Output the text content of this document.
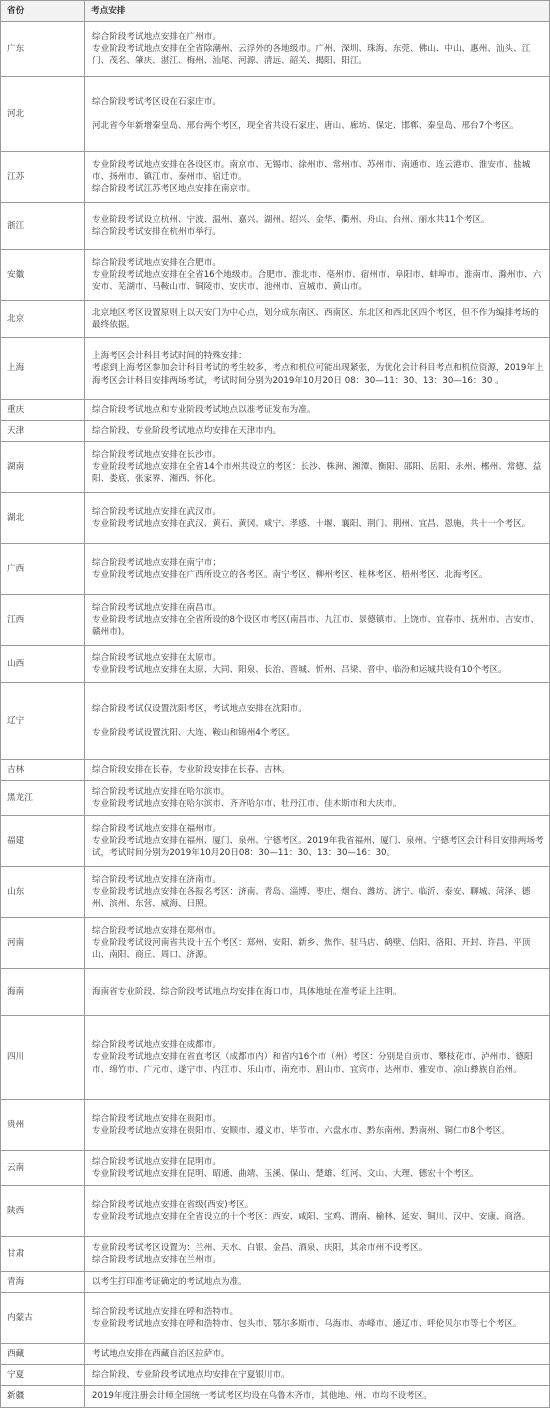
省份	考点安排
广东	综合阶段考试地点安排在广州市。
专业阶段考试地点安排在全省除潮州、云浮外的各地级市。广州、深圳、珠海、东莞、佛山、中山、惠州、汕头、江门、茂名、肇庆、湛江、梅州、汕尾、河源、清远、韶关、揭阳、阳江。

河北	综合阶段考试考区设在石家庄市。
河北省今年新增秦皇岛、邢台两个考区，现全省共设石家庄、唐山、廊坊、保定、邯郸、秦皇岛、邢台7个考区。

江苏	专业阶段考试地点安排在各设区市。南京市、无锡市、徐州市、常州市、苏州市、南通市、连云港市、淮安市、盐城市、扬州市、镇江市、泰州市、宿迁市。
综合阶段考试江苏考区地点安排在南京市。

浙江	专业阶段考试设立杭州、宁波、温州、嘉兴、湖州、绍兴、金华、衢州、舟山、台州、丽水共11个考区。
综合阶段考试安排在杭州市举行。

安徽	综合阶段考试地点安排在合肥市。
专业阶段考试地点安排在全省16个地级市。合肥市、淮北市、亳州市、宿州市、阜阳市、蚌埠市、淮南市、滁州市、六安市、芜湖市、马鞍山市、铜陵市、安庆市、池州市、宣城市、黄山市。

北京	北京地区考区设置原则上以天安门为中心点，划分成东南区、西南区、东北区和西北区四个考区，但不作为编排考场的最终依据。

上海	上海考区会计科目考试时间的特殊安排：
考虑到上海考区参加会计科目考试的考生较多，考点和机位可能出现紧张，为优化会计科目考点和机位资源，2019年上海考区会计科目安排两场考试，考试时间分别为2019年10月20日 08：30—11：30、13：30—16：30 。

重庆	综合阶段考试地点和专业阶段考试地点以准考证发布为准。

天津	综合阶段、专业阶段考试地点均安排在天津市内。

湖南	综合阶段考试地点安排在长沙市。
专业阶段考试地点安排在全省14个市州共设立的考区：长沙、株洲、湘潭、衡阳、邵阳、岳阳、永州、郴州、常德、益阳、娄底、张家界、湘西、怀化。

湖北	综合阶段考试地点安排在武汉市。
专业阶段考试地点安排在武汉、黄石、黄冈、咸宁、孝感、十堰、襄阳、荆门、荆州、宜昌、恩施，共十一个考区。

广西	综合阶段考试地点安排在南宁市；
专业阶段考试地点安排在广西所设立的各考区。南宁考区、柳州考区、桂林考区、梧州考区、北海考区。

江西	综合阶段考试地点安排在南昌市。
专业阶段考试地点安排在全省所设的8个设区市考区(南昌市、九江市、景德镇市、上饶市、宜春市、抚州市、吉安市、赣州市)。

山西	综合阶段考试地点安排在太原市。
专业阶段考试地点安排在太原、大同、阳泉、长治、晋城、忻州、吕梁、晋中、临汾和运城共设有10个考区。

辽宁	综合阶段考试仅设置沈阳考区，考试地点安排在沈阳市。
专业阶段考试设置沈阳、大连、鞍山和锦州4个考区。

吉林	综合阶段安排在长春，专业阶段安排在长春、吉林。

黑龙江	综合阶段考试地点安排在哈尔滨市。
专业阶段考试地点安排在哈尔滨市、齐齐哈尔市、牡丹江市、佳木斯市和大庆市。

福建	综合阶段考试地点安排在福州市。
专业阶段考试地点安排在福州、厦门、泉州、宁德考区。2019年我省福州、厦门、泉州、宁德考区会计科目安排两场考试，考试时间分别为2019年10月20日08：30—11：30、13：30—16：30。

山东	综合阶段考试地点安排在济南市。
专业阶段考试地点安排在各报名考区：济南、青岛、淄博、枣庄、烟台、潍坊、济宁、临沂、泰安、聊城、菏泽、德州、滨州、东营、威海、日照。

河南	综合阶段考试地点安排在郑州市。
专业阶段考试设河南省共设十五个考区：郑州、安阳、新乡、焦作、驻马店、鹤壁、信阳、洛阳、开封、许昌、平顶山、南阳、商丘、周口、济源。

海南	海南省专业阶段、综合阶段考试地点均安排在海口市，具体地址在准考证上注明。

四川	综合阶段考试地点安排在成都市。
专业阶段考试地点安排在省直考区（成都市内）和省内16个市（州）考区：分别是自贡市、攀枝花市、泸州市、德阳市、绵竹市、广元市、遂宁市、内江市、乐山市、南充市、眉山市、宜宾市、达州市、雅安市、凉山彝族自治州。

贵州	综合阶段考试地点安排在贵阳市。
专业阶段考试地点安排在贵阳市、安顺市、遵义市、毕节市、六盘水市、黔东南州、黔南州、铜仁市8个考区。

云南	综合阶段考试地点安排在昆明市。
专业阶段考试地点安排在昆明、昭通、曲靖、玉溪、保山、楚雄、红河、文山、大理、德宏十个考区。

陕西	综合阶段考试地点安排在省级(西安)考区。
专业阶段考试地点安排在全省设立的十个考区：西安、咸阳、宝鸡、渭南、榆林、延安、铜川、汉中、安康、商洛。

甘肃	专业阶段考试考区设置为：兰州、天水、白银、金昌、酒泉、庆阳，其余市州不设考区。
综合阶段考试地点安排在兰州市。

青海	以考生打印准考证确定的考试地点为准。

内蒙古	综合阶段考试地点安排在呼和浩特市。
专业阶段考试地点安排在呼和浩特市、包头市、鄂尔多斯市、乌海市、赤峰市、通辽市、呼伦贝尔市等七个考区。

西藏	考试地点安排在西藏自治区拉萨市。

宁夏	综合阶段、专业阶段考试地点均安排在宁夏银川市。

新疆	2019年度注册会计师全国统一考试考区均设在乌鲁木齐市，其他地、州、市均不设考区。
